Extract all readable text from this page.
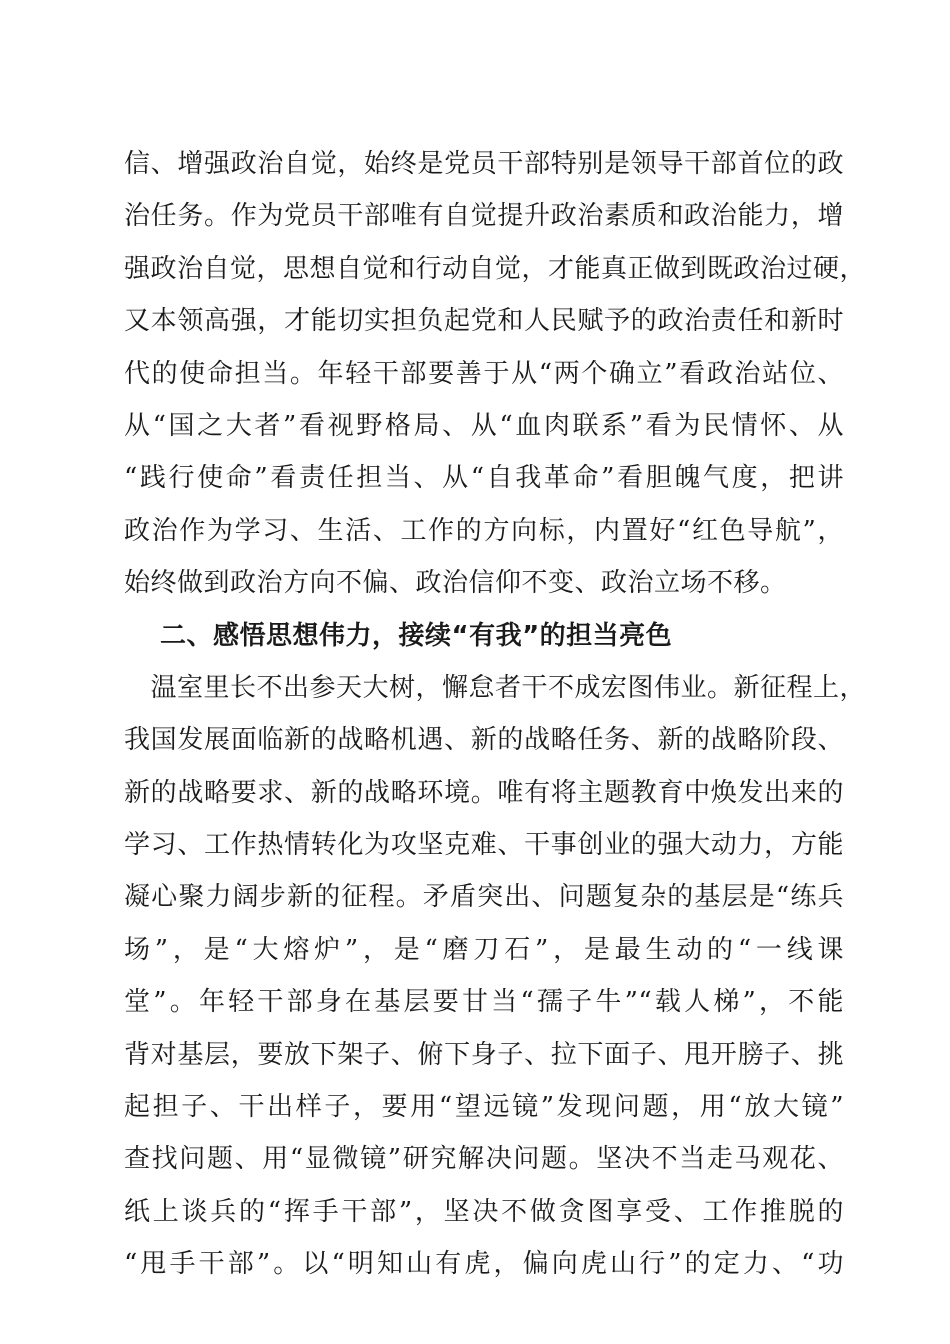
信、增强政治自觉，始终是党员干部特别是领导干部首位的政
治任务。作为党员干部唯有自觉提升政治素质和政治能力，增
强政治自觉，思想自觉和行动自觉，才能真正做到既政治过硬，
又本领高强，才能切实担负起党和人民赋予的政治责任和新时
代的使命担当。年轻干部要善于从“两个确立”看政治站位、
从“国之大者”看视野格局、从“血肉联系”看为民情怀、从
“践行使命”看责任担当、从“自我革命”看胆魄气度，把讲
政治作为学习、生活、工作的方向标，内置好“红色导航”，
始终做到政治方向不偏、政治信仰不变、政治立场不移。
二、感悟思想伟力，接续“有我”的担当亮色
　温室里长不出参天大树，懈怠者干不成宏图伟业。新征程上，
我国发展面临新的战略机遇、新的战略任务、新的战略阶段、
新的战略要求、新的战略环境。唯有将主题教育中焕发出来的
学习、工作热情转化为攻坚克难、干事创业的强大动力，方能
凝心聚力阔步新的征程。矛盾突出、问题复杂的基层是“练兵
场”，是“大熔炉”，是“磨刀石”，是最生动的“一线课
堂”。年轻干部身在基层要甘当“孺子牛”“载人梯”，不能
背对基层，要放下架子、俯下身子、拉下面子、甩开膀子、挑
起担子、干出样子，要用“望远镜”发现问题，用“放大镜”
查找问题、用“显微镜”研究解决问题。坚决不当走马观花、
纸上谈兵的“挥手干部”，坚决不做贪图享受、工作推脱的
“甩手干部”。以“明知山有虎，偏向虎山行”的定力、“功
